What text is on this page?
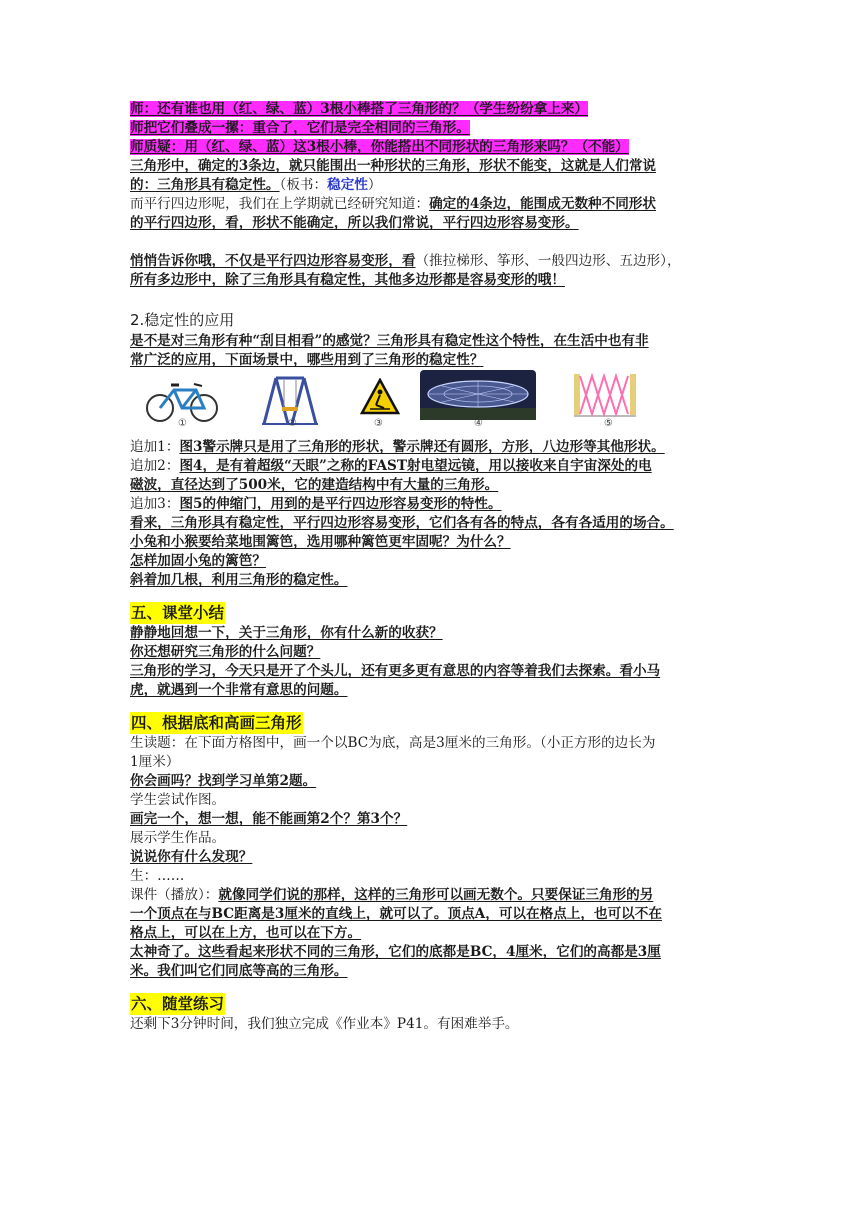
师：还有谁也用（红、绿、蓝）3根小棒搭了三角形的？（学生纷纷拿上来）
师把它们叠成一摞：重合了，它们是完全相同的三角形。
师质疑：用（红、绿、蓝）这3根小棒，你能搭出不同形状的三角形来吗？（不能）
三角形中，确定的3条边，就只能围出一种形状的三角形，形状不能变，这就是人们常说
的：三角形具有稳定性。（板书：稳定性）
而平行四边形呢，我们在上学期就已经研究知道：确定的4条边，能围成无数种不同形状
的平行四边形，看，形状不能确定，所以我们常说，平行四边形容易变形。
悄悄告诉你哦，不仅是平行四边形容易变形，看（推拉梯形、筝形、一般四边形、五边形），
所有多边形中，除了三角形具有稳定性，其他多边形都是容易变形的哦！
2.稳定性的应用
是不是对三角形有种“刮目相看”的感觉？三角形具有稳定性这个特性，在生活中也有非
常广泛的应用，下面场景中，哪些用到了三角形的稳定性？
①	②	③	④	⑤
追加1：图3警示牌只是用了三角形的形状，警示牌还有圆形，方形，八边形等其他形状。
追加2：图4，是有着超级“天眼”之称的FAST射电望远镜，用以接收来自宇宙深处的电
磁波，直径达到了500米，它的建造结构中有大量的三角形。
追加3：图5的伸缩门，用到的是平行四边形容易变形的特性。
看来，三角形具有稳定性，平行四边形容易变形，它们各有各的特点，各有各适用的场合。
小兔和小猴要给菜地围篱笆，选用哪种篱笆更牢固呢？为什么？
怎样加固小兔的篱笆？
斜着加几根，利用三角形的稳定性。
五、课堂小结
静静地回想一下，关于三角形，你有什么新的收获？
你还想研究三角形的什么问题？
三角形的学习，今天只是开了个头儿，还有更多更有意思的内容等着我们去探索。看小马
虎，就遇到一个非常有意思的问题。
四、根据底和高画三角形
生读题：在下面方格图中，画一个以BC为底，高是3厘米的三角形。（小正方形的边长为
1厘米）
你会画吗？找到学习单第2题。
学生尝试作图。
画完一个，想一想，能不能画第2个？第3个？
展示学生作品。
说说你有什么发现？
生：……
课件（播放）：就像同学们说的那样，这样的三角形可以画无数个。只要保证三角形的另
一个顶点在与BC距离是3厘米的直线上，就可以了。顶点A，可以在格点上，也可以不在
格点上，可以在上方，也可以在下方。
太神奇了。这些看起来形状不同的三角形，它们的底都是BC，4厘米，它们的高都是3厘
米。我们叫它们同底等高的三角形。
六、随堂练习
还剩下3分钟时间，我们独立完成《作业本》P41。有困难举手。
